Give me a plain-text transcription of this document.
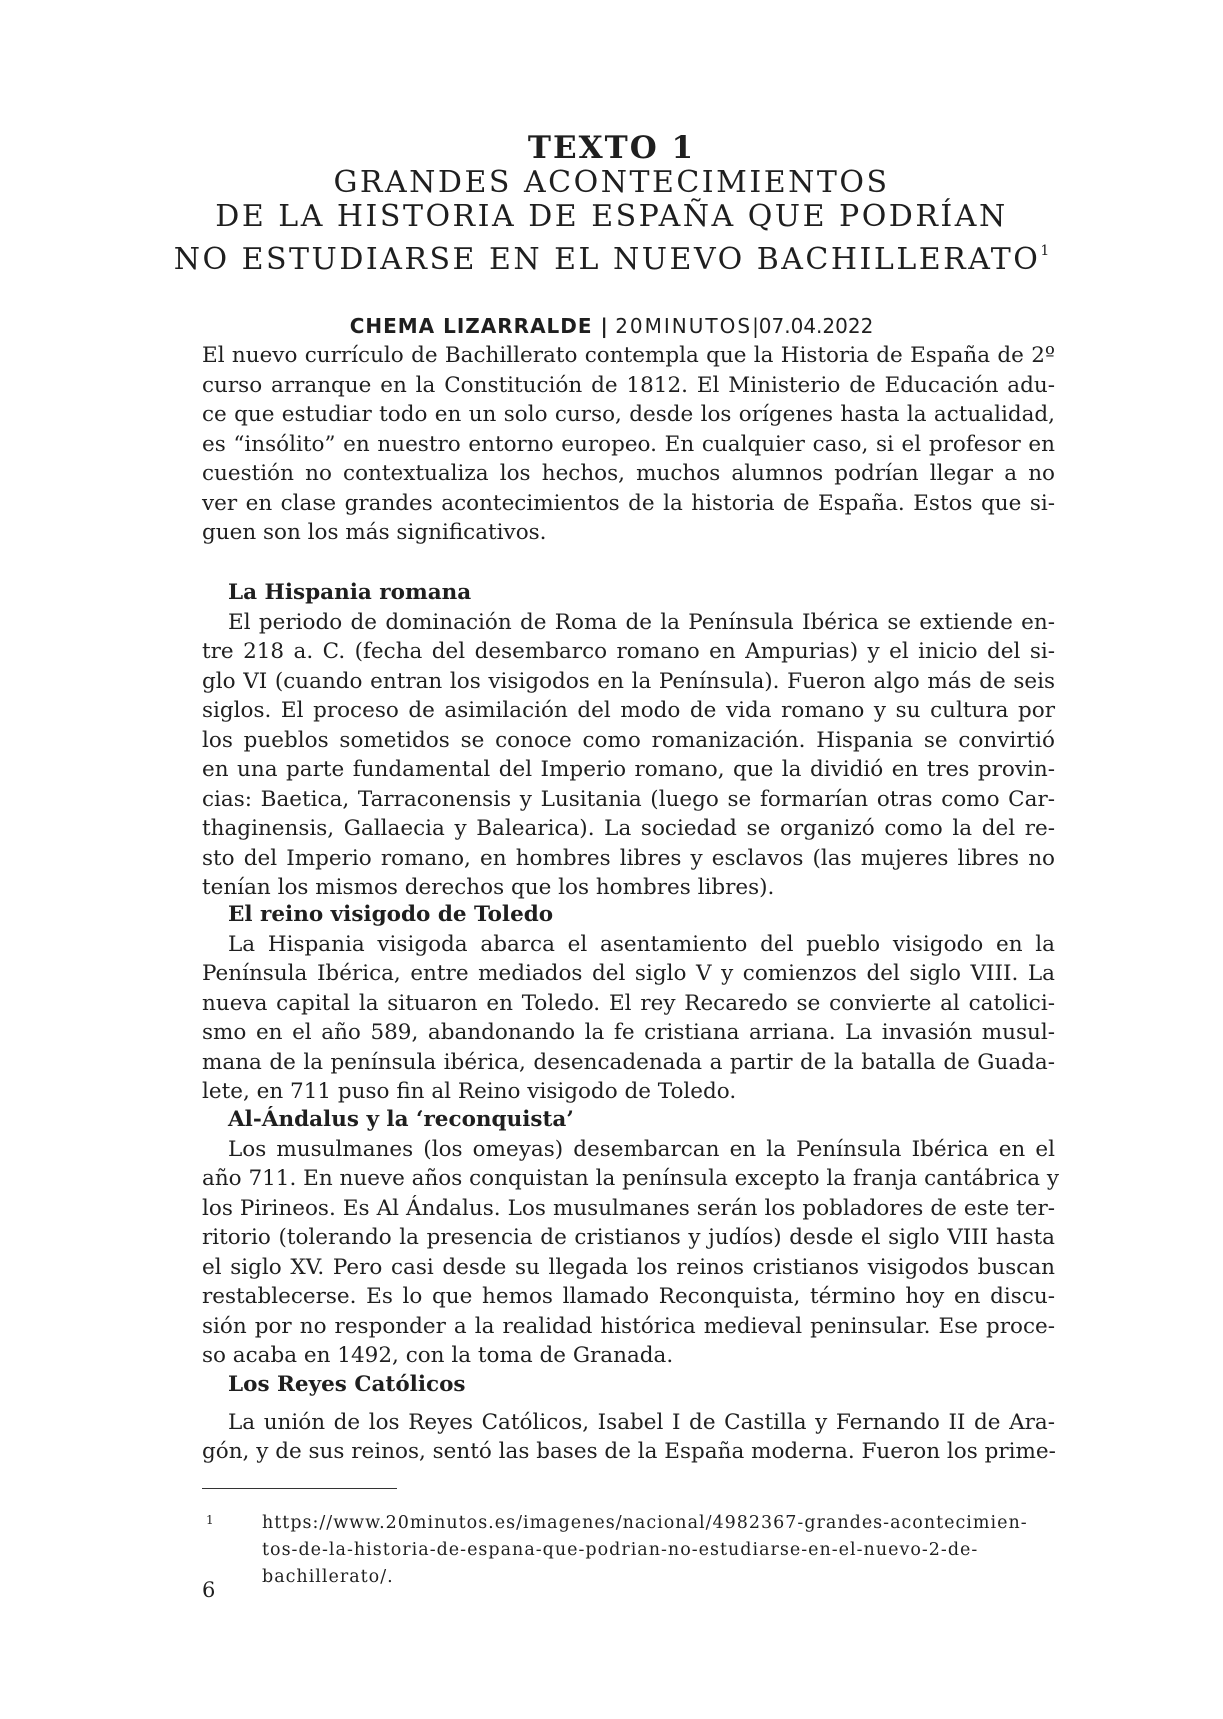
TEXTO 1
GRANDES ACONTECIMIENTOS
DE LA HISTORIA DE ESPAÑA QUE PODRÍAN
NO ESTUDIARSE EN EL NUEVO BACHILLERATO$^1$
CHEMA LIZARRALDE | 20MINUTOS|07.04.2022
El nuevo currículo de Bachillerato contempla que la Historia de España de 2º
curso arranque en la Constitución de 1812. El Ministerio de Educación adu-
ce que estudiar todo en un solo curso, desde los orígenes hasta la actualidad,
es “insólito” en nuestro entorno europeo. En cualquier caso, si el profesor en
cuestión no contextualiza los hechos, muchos alumnos podrían llegar a no
ver en clase grandes acontecimientos de la historia de España. Estos que si-
guen son los más significativos.
La Hispania romana
El periodo de dominación de Roma de la Península Ibérica se extiende en-
tre 218 a. C. (fecha del desembarco romano en Ampurias) y el inicio del si-
glo VI (cuando entran los visigodos en la Península). Fueron algo más de seis
siglos. El proceso de asimilación del modo de vida romano y su cultura por
los pueblos sometidos se conoce como romanización. Hispania se convirtió
en una parte fundamental del Imperio romano, que la dividió en tres provin-
cias: Baetica, Tarraconensis y Lusitania (luego se formarían otras como Car-
thaginensis, Gallaecia y Balearica). La sociedad se organizó como la del re-
sto del Imperio romano, en hombres libres y esclavos (las mujeres libres no
tenían los mismos derechos que los hombres libres).
El reino visigodo de Toledo
La Hispania visigoda abarca el asentamiento del pueblo visigodo en la
Península Ibérica, entre mediados del siglo V y comienzos del siglo VIII. La
nueva capital la situaron en Toledo. El rey Recaredo se convierte al catolici-
smo en el año 589, abandonando la fe cristiana arriana. La invasión musul-
mana de la península ibérica, desencadenada a partir de la batalla de Guada-
lete, en 711 puso fin al Reino visigodo de Toledo.
Al-Ándalus y la ‘reconquista’
Los musulmanes (los omeyas) desembarcan en la Península Ibérica en el
año 711. En nueve años conquistan la península excepto la franja cantábrica y
los Pirineos. Es Al Ándalus. Los musulmanes serán los pobladores de este ter-
ritorio (tolerando la presencia de cristianos y judíos) desde el siglo VIII hasta
el siglo XV. Pero casi desde su llegada los reinos cristianos visigodos buscan
restablecerse. Es lo que hemos llamado Reconquista, término hoy en discu-
sión por no responder a la realidad histórica medieval peninsular. Ese proce-
so acaba en 1492, con la toma de Granada.
Los Reyes Católicos
La unión de los Reyes Católicos, Isabel I de Castilla y Fernando II de Ara-
gón, y de sus reinos, sentó las bases de la España moderna. Fueron los prime-
1	https://www.20minutos.es/imagenes/nacional/4982367-grandes-acontecimien-
tos-de-la-historia-de-espana-que-podrian-no-estudiarse-en-el-nuevo-2-de-
bachillerato/.
6
